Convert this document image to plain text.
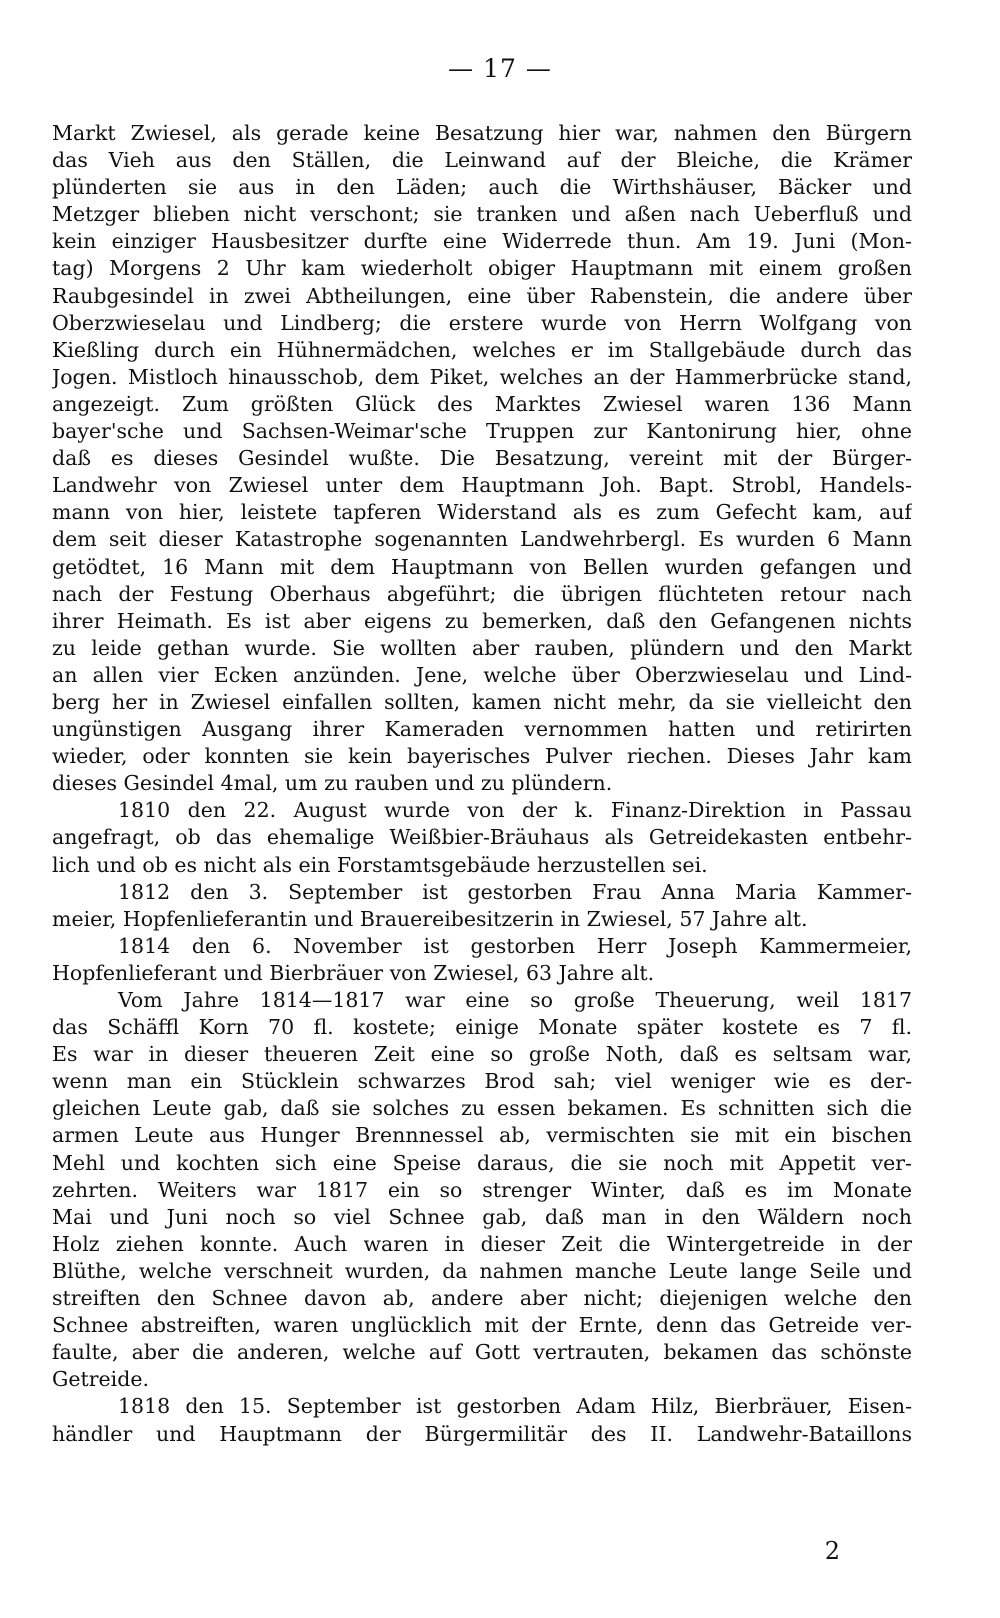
— 17 —
Markt Zwiesel, als gerade keine Besatzung hier war, nahmen den Bürgern
das Vieh aus den Ställen, die Leinwand auf der Bleiche, die Krämer
plünderten sie aus in den Läden; auch die Wirthshäuser, Bäcker und
Metzger blieben nicht verschont; sie tranken und aßen nach Ueberfluß und
kein einziger Hausbesitzer durfte eine Widerrede thun. Am 19. Juni (Mon-
tag) Morgens 2 Uhr kam wiederholt obiger Hauptmann mit einem großen
Raubgesindel in zwei Abtheilungen, eine über Rabenstein, die andere über
Oberzwieselau und Lindberg; die erstere wurde von Herrn Wolfgang von
Kießling durch ein Hühnermädchen, welches er im Stallgebäude durch das
Jogen. Mistloch hinausschob, dem Piket, welches an der Hammerbrücke stand,
angezeigt. Zum größten Glück des Marktes Zwiesel waren 136 Mann
bayer'sche und Sachsen-Weimar'sche Truppen zur Kantonirung hier, ohne
daß es dieses Gesindel wußte. Die Besatzung, vereint mit der Bürger-
Landwehr von Zwiesel unter dem Hauptmann Joh. Bapt. Strobl, Handels-
mann von hier, leistete tapferen Widerstand als es zum Gefecht kam, auf
dem seit dieser Katastrophe sogenannten Landwehrbergl. Es wurden 6 Mann
getödtet, 16 Mann mit dem Hauptmann von Bellen wurden gefangen und
nach der Festung Oberhaus abgeführt; die übrigen flüchteten retour nach
ihrer Heimath. Es ist aber eigens zu bemerken, daß den Gefangenen nichts
zu leide gethan wurde. Sie wollten aber rauben, plündern und den Markt
an allen vier Ecken anzünden. Jene, welche über Oberzwieselau und Lind-
berg her in Zwiesel einfallen sollten, kamen nicht mehr, da sie vielleicht den
ungünstigen Ausgang ihrer Kameraden vernommen hatten und retirirten
wieder, oder konnten sie kein bayerisches Pulver riechen. Dieses Jahr kam
dieses Gesindel 4mal, um zu rauben und zu plündern.
1810 den 22. August wurde von der k. Finanz-Direktion in Passau
angefragt, ob das ehemalige Weißbier-Bräuhaus als Getreidekasten entbehr-
lich und ob es nicht als ein Forstamtsgebäude herzustellen sei.
1812 den 3. September ist gestorben Frau Anna Maria Kammer-
meier, Hopfenlieferantin und Brauereibesitzerin in Zwiesel, 57 Jahre alt.
1814 den 6. November ist gestorben Herr Joseph Kammermeier,
Hopfenlieferant und Bierbräuer von Zwiesel, 63 Jahre alt.
Vom Jahre 1814—1817 war eine so große Theuerung, weil 1817
das Schäffl Korn 70 fl. kostete; einige Monate später kostete es 7 fl.
Es war in dieser theueren Zeit eine so große Noth, daß es seltsam war,
wenn man ein Stücklein schwarzes Brod sah; viel weniger wie es der-
gleichen Leute gab, daß sie solches zu essen bekamen. Es schnitten sich die
armen Leute aus Hunger Brennnessel ab, vermischten sie mit ein bischen
Mehl und kochten sich eine Speise daraus, die sie noch mit Appetit ver-
zehrten. Weiters war 1817 ein so strenger Winter, daß es im Monate
Mai und Juni noch so viel Schnee gab, daß man in den Wäldern noch
Holz ziehen konnte. Auch waren in dieser Zeit die Wintergetreide in der
Blüthe, welche verschneit wurden, da nahmen manche Leute lange Seile und
streiften den Schnee davon ab, andere aber nicht; diejenigen welche den
Schnee abstreiften, waren unglücklich mit der Ernte, denn das Getreide ver-
faulte, aber die anderen, welche auf Gott vertrauten, bekamen das schönste
Getreide.
1818 den 15. September ist gestorben Adam Hilz, Bierbräuer, Eisen-
händler und Hauptmann der Bürgermilitär des II. Landwehr-Bataillons
2
